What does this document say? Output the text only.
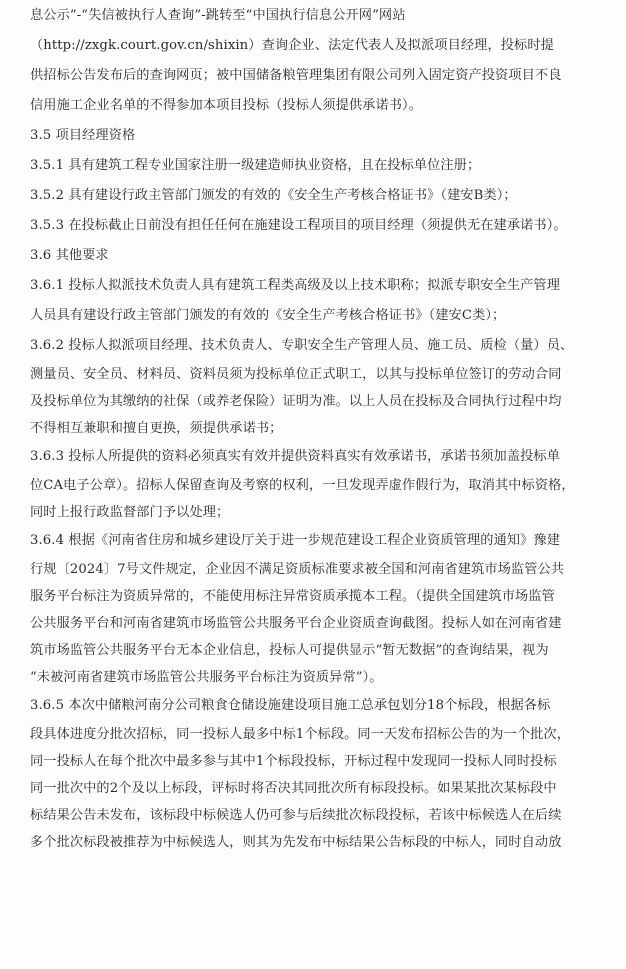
息公示”-“失信被执行人查询”-跳转至“中国执行信息公开网”网站
（http://zxgk.court.gov.cn/shixin）查询企业、法定代表人及拟派项目经理，投标时提
供招标公告发布后的查询网页；被中国储备粮管理集团有限公司列入固定资产投资项目不良
信用施工企业名单的不得参加本项目投标（投标人须提供承诺书）。
3.5 项目经理资格
3.5.1 具有建筑工程专业国家注册一级建造师执业资格，且在投标单位注册；
3.5.2 具有建设行政主管部门颁发的有效的《安全生产考核合格证书》（建安B类）；
3.5.3 在投标截止日前没有担任任何在施建设工程项目的项目经理（须提供无在建承诺书）。
3.6 其他要求
3.6.1 投标人拟派技术负责人具有建筑工程类高级及以上技术职称；拟派专职安全生产管理
人员具有建设行政主管部门颁发的有效的《安全生产考核合格证书》（建安C类）；
3.6.2 投标人拟派项目经理、技术负责人、专职安全生产管理人员、施工员、质检（量）员、
测量员、安全员、材料员、资料员须为投标单位正式职工，以其与投标单位签订的劳动合同
及投标单位为其缴纳的社保（或养老保险）证明为准。以上人员在投标及合同执行过程中均
不得相互兼职和擅自更换，须提供承诺书；
3.6.3 投标人所提供的资料必须真实有效并提供资料真实有效承诺书，承诺书须加盖投标单
位CA电子公章）。招标人保留查询及考察的权利，一旦发现弄虚作假行为，取消其中标资格，
同时上报行政监督部门予以处理；
3.6.4 根据《河南省住房和城乡建设厅关于进一步规范建设工程企业资质管理的通知》豫建
行规〔2024〕7号文件规定，企业因不满足资质标准要求被全国和河南省建筑市场监管公共
服务平台标注为资质异常的，不能使用标注异常资质承揽本工程。（提供全国建筑市场监管
公共服务平台和河南省建筑市场监管公共服务平台企业资质查询截图。投标人如在河南省建
筑市场监管公共服务平台无本企业信息，投标人可提供显示“暂无数据”的查询结果，视为
“未被河南省建筑市场监管公共服务平台标注为资质异常”）。
3.6.5 本次中储粮河南分公司粮食仓储设施建设项目施工总承包划分18个标段，根据各标
段具体进度分批次招标，同一投标人最多中标1个标段。同一天发布招标公告的为一个批次，
同一投标人在每个批次中最多参与其中1个标段投标，开标过程中发现同一投标人同时投标
同一批次中的2个及以上标段，评标时将否决其同批次所有标段投标。如果某批次某标段中
标结果公告未发布，该标段中标候选人仍可参与后续批次标段投标，若该中标候选人在后续
多个批次标段被推荐为中标候选人，则其为先发布中标结果公告标段的中标人，同时自动放
